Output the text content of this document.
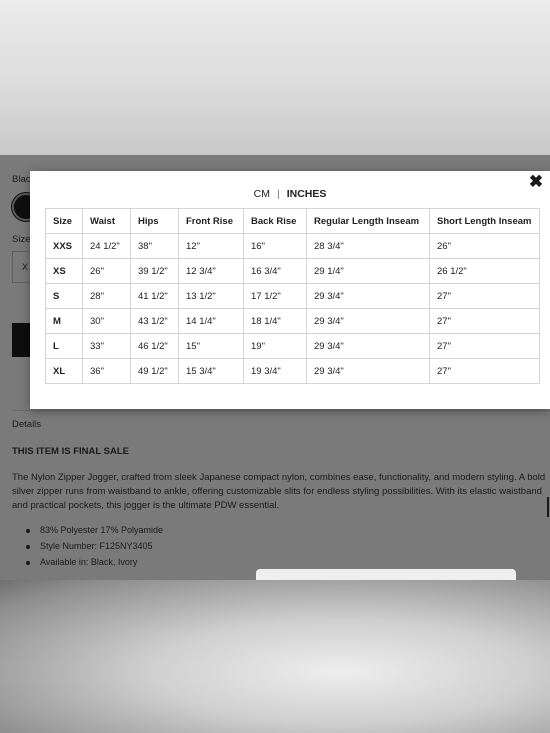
Blac
Size
X
Details
THIS ITEM IS FINAL SALE

The Nylon Zipper Jogger, crafted from sleek Japanese compact nylon, combines ease, functionality, and modern styling. A bold silver zipper runs from waistband to ankle, offering customizable slits for endless styling possibilities. With its elastic waistband and practical pockets, this jogger is the ultimate PDW essential.

83% Polyester 17% Polyamide
Style Number: F125NY3405
Available in: Black, Ivory
✖
CM | INCHES
Size	Waist	Hips	Front Rise	Back Rise	Regular Length Inseam	Short Length Inseam
XXS	24 1/2"	38"	12"	16"	28 3/4"	26"
XS	26"	39 1/2"	12 3/4"	16 3/4"	29 1/4"	26 1/2"
S	28"	41 1/2"	13 1/2"	17 1/2"	29 3/4"	27"
M	30"	43 1/2"	14 1/4"	18 1/4"	29 3/4"	27"
L	33"	46 1/2"	15"	19"	29 3/4"	27"
XL	36"	49 1/2"	15 3/4"	19 3/4"	29 3/4"	27"
